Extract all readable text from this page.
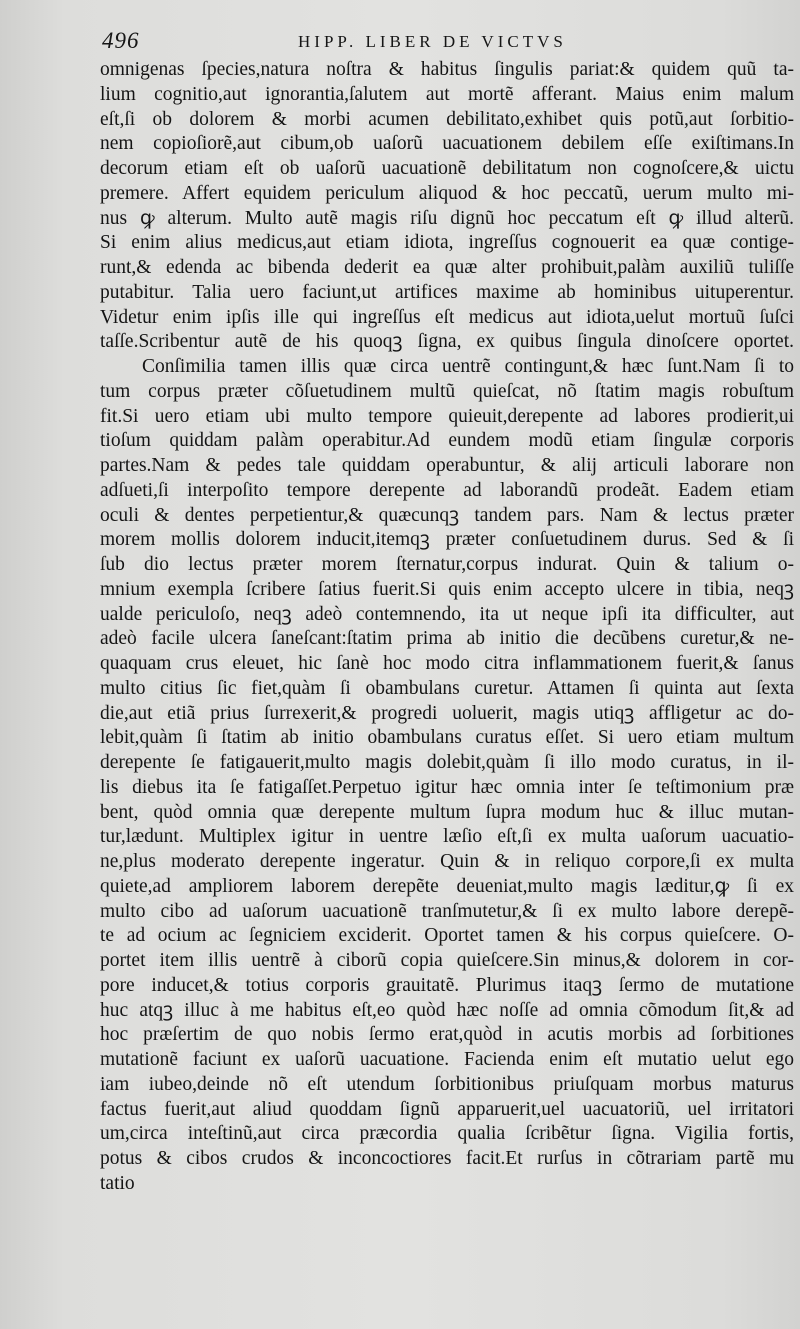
496	HIPP. LIBER DE VICTVS
omnigenas ſpecies,natura noſtra & habitus ſingulis pariat:& quidem quũ ta-
lium cognitio,aut ignorantia,ſalutem aut mortẽ afferant. Maius enim malum
eſt,ſi ob dolorem & morbi acumen debilitato,exhibet quis potũ,aut ſorbitio-
nem copioſiorẽ,aut cibum,ob uaſorũ uacuationem debilem eſſe exiſtimans.In
decorum etiam eſt ob uaſorũ uacuationẽ debilitatum non cognoſcere,& uictu
premere. Affert equidem periculum aliquod & hoc peccatũ, uerum multo mi-
nus ꝙ alterum. Multo autẽ magis riſu dignũ hoc peccatum eſt ꝙ illud alterũ.
Si enim alius medicus,aut etiam idiota, ingreſſus cognouerit ea quæ contige-
runt,& edenda ac bibenda dederit ea quæ alter prohibuit,palàm auxiliũ tuliſſe
putabitur. Talia uero faciunt,ut artifices maxime ab hominibus uituperentur.
Videtur enim ipſis ille qui ingreſſus eſt medicus aut idiota,uelut mortuũ ſuſci
taſſe.Scribentur autẽ de his quoqꝫ ſigna, ex quibus ſingula dinoſcere oportet.
Conſimilia tamen illis quæ circa uentrẽ contingunt,& hæc ſunt.Nam ſi to
tum corpus præter cõſuetudinem multũ quieſcat, nõ ſtatim magis robuſtum
fit.Si uero etiam ubi multo tempore quieuit,derepente ad labores prodierit,ui
tioſum quiddam palàm operabitur.Ad eundem modũ etiam ſingulæ corporis
partes.Nam & pedes tale quiddam operabuntur, & alij articuli laborare non
adſueti,ſi interpoſito tempore derepente ad laborandũ prodeãt. Eadem etiam
oculi & dentes perpetientur,& quæcunqꝫ tandem pars. Nam & lectus præter
morem mollis dolorem inducit,itemqꝫ præter conſuetudinem durus. Sed & ſi
ſub dio lectus præter morem ſternatur,corpus indurat. Quin & talium o-
mnium exempla ſcribere ſatius fuerit.Si quis enim accepto ulcere in tibia, neqꝫ
ualde periculoſo, neqꝫ adeò contemnendo, ita ut neque ipſi ita difficulter, aut
adeò facile ulcera ſaneſcant:ſtatim prima ab initio die decũbens curetur,& ne-
quaquam crus eleuet, hic ſanè hoc modo citra inflammationem fuerit,& ſanus
multo citius ſic fiet,quàm ſi obambulans curetur. Attamen ſi quinta aut ſexta
die,aut etiã prius ſurrexerit,& progredi uoluerit, magis utiqꝫ affligetur ac do-
lebit,quàm ſi ſtatim ab initio obambulans curatus eſſet. Si uero etiam multum
derepente ſe fatigauerit,multo magis dolebit,quàm ſi illo modo curatus, in il-
lis diebus ita ſe fatigaſſet.Perpetuo igitur hæc omnia inter ſe teſtimonium præ
bent, quòd omnia quæ derepente multum ſupra modum huc & illuc mutan-
tur,lædunt. Multiplex igitur in uentre læſio eſt,ſi ex multa uaſorum uacuatio-
ne,plus moderato derepente ingeratur. Quin & in reliquo corpore,ſi ex multa
quiete,ad ampliorem laborem derepẽte deueniat,multo magis læditur,ꝙ ſi ex
multo cibo ad uaſorum uacuationẽ tranſmutetur,& ſi ex multo labore derepẽ-
te ad ocium ac ſegniciem exciderit. Oportet tamen & his corpus quieſcere. O-
portet item illis uentrẽ à ciborũ copia quieſcere.Sin minus,& dolorem in cor-
pore inducet,& totius corporis grauitatẽ. Plurimus itaqꝫ ſermo de mutatione
huc atqꝫ illuc à me habitus eſt,eo quòd hæc noſſe ad omnia cõmodum ſit,& ad
hoc præſertim de quo nobis ſermo erat,quòd in acutis morbis ad ſorbitiones
mutationẽ faciunt ex uaſorũ uacuatione. Facienda enim eſt mutatio uelut ego
iam iubeo,deinde nõ eſt utendum ſorbitionibus priuſquam morbus maturus
factus fuerit,aut aliud quoddam ſignũ apparuerit,uel uacuatoriũ, uel irritatori
um,circa inteſtinũ,aut circa præcordia qualia ſcribẽtur ſigna. Vigilia fortis,
potus & cibos crudos & inconcoctiores facit.Et rurſus in cõtrariam partẽ mu
tatio
